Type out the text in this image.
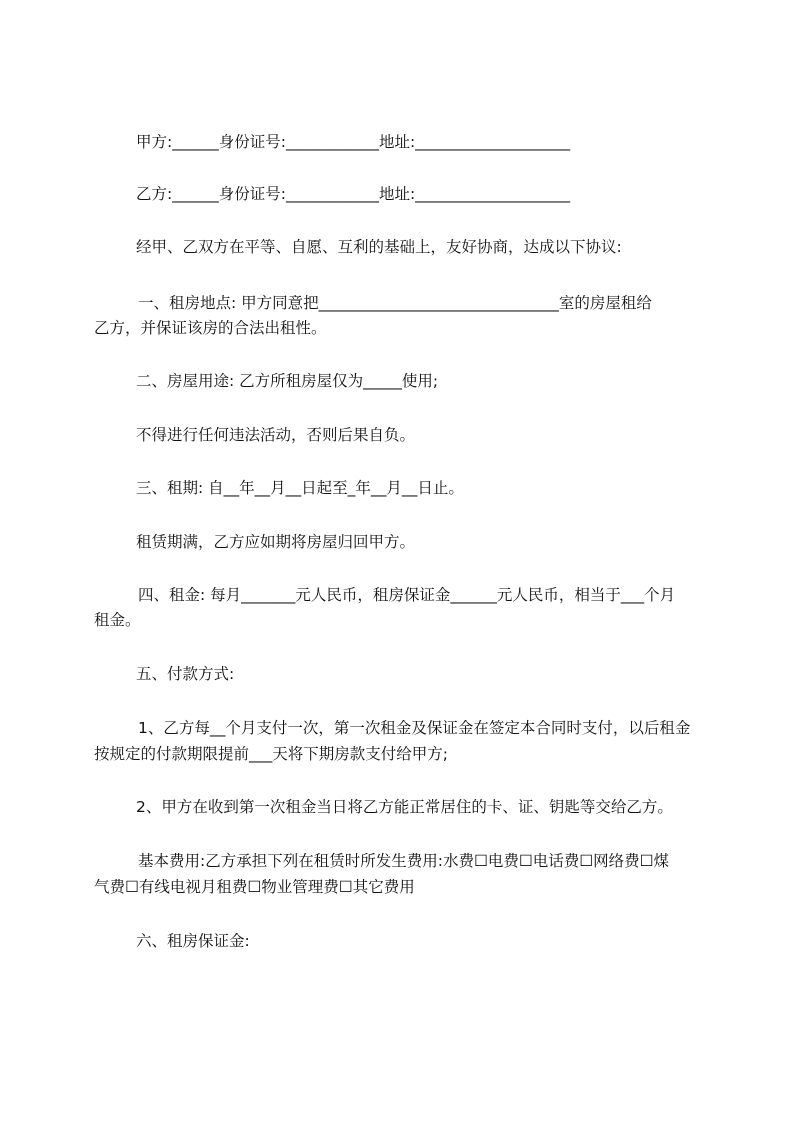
甲方:______身份证号:____________地址:____________________
乙方:______身份证号:____________地址:____________________
经甲、乙双方在平等、自愿、互利的基础上，友好协商，达成以下协议:
一、租房地点: 甲方同意把_______________________________室的房屋租给
乙方，并保证该房的合法出租性。
二、房屋用途: 乙方所租房屋仅为_____使用;
不得进行任何违法活动，否则后果自负。
三、租期: 自__年__月__日起至_年__月__日止。
租赁期满，乙方应如期将房屋归回甲方。
四、租金: 每月_______元人民币，租房保证金______元人民币，相当于___个月
租金。
五、付款方式:
1、乙方每__个月支付一次，第一次租金及保证金在签定本合同时支付，以后租金
按规定的付款期限提前___天将下期房款支付给甲方;
2、甲方在收到第一次租金当日将乙方能正常居住的卡、证、钥匙等交给乙方。
基本费用:乙方承担下列在租赁时所发生费用:水费☐电费☐电话费☐网络费☐煤
气费☐有线电视月租费☐物业管理费☐其它费用
六、租房保证金:
